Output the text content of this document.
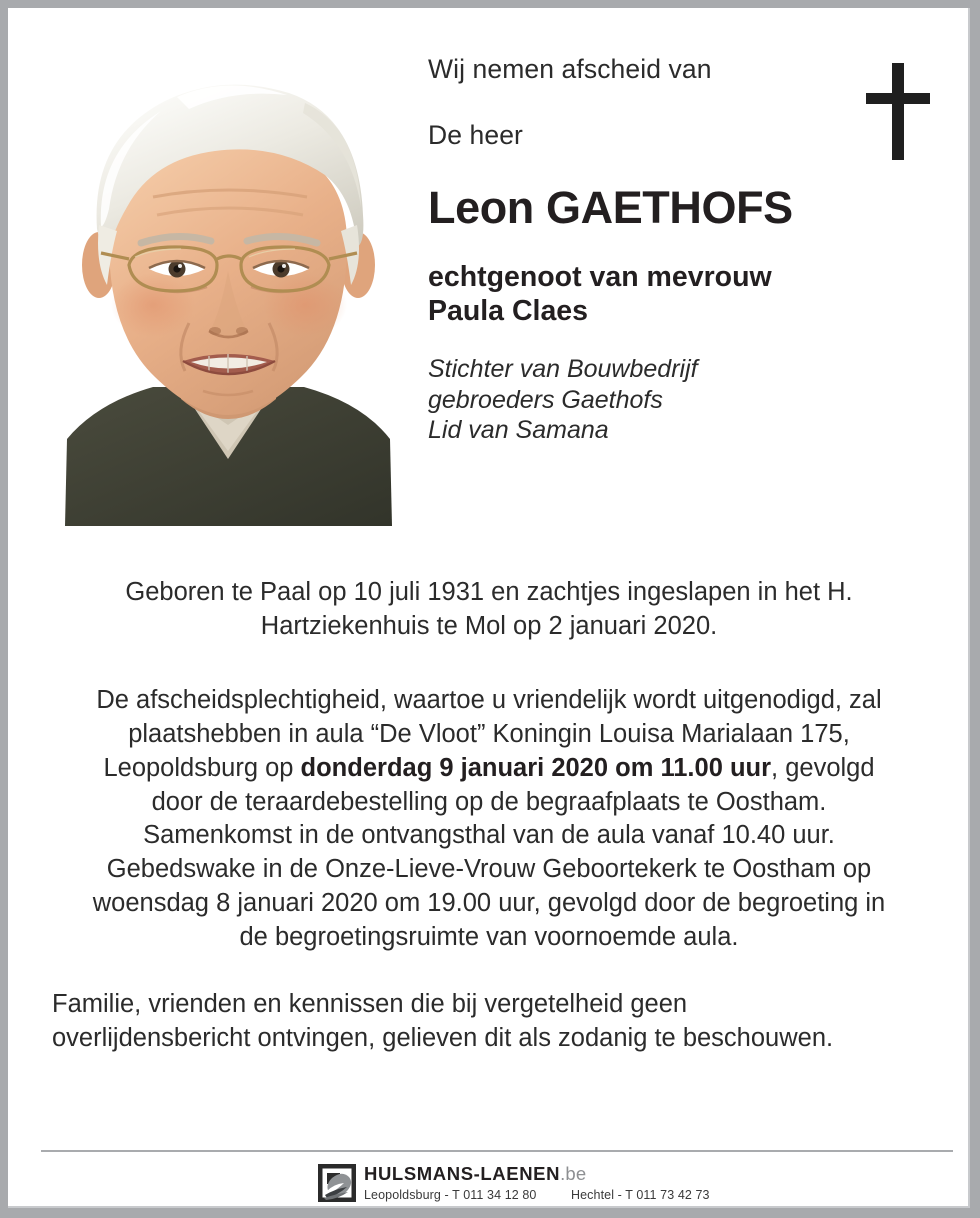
Wij nemen afscheid van
De heer
Leon GAETHOFS
echtgenoot van mevrouw
Paula Claes
Stichter van Bouwbedrijf
gebroeders Gaethofs
Lid van Samana

Geboren te Paal op 10 juli 1931 en zachtjes ingeslapen in het H. Hartziekenhuis te Mol op 2 januari 2020.

De afscheidsplechtigheid, waartoe u vriendelijk wordt uitgenodigd, zal plaatshebben in aula “De Vloot” Koningin Louisa Marialaan 175, Leopoldsburg op donderdag 9 januari 2020 om 11.00 uur, gevolgd door de teraardebestelling op de begraafplaats te Oostham. Samenkomst in de ontvangsthal van de aula vanaf 10.40 uur. Gebedswake in de Onze-Lieve-Vrouw Geboortekerk te Oostham op woensdag 8 januari 2020 om 19.00 uur, gevolgd door de begroeting in de begroetingsruimte van voornoemde aula.

Familie, vrienden en kennissen die bij vergetelheid geen overlijdensbericht ontvingen, gelieven dit als zodanig te beschouwen.

HULSMANS-LAENEN.be
Leopoldsburg - T 011 34 12 80	Hechtel - T 011 73 42 73
